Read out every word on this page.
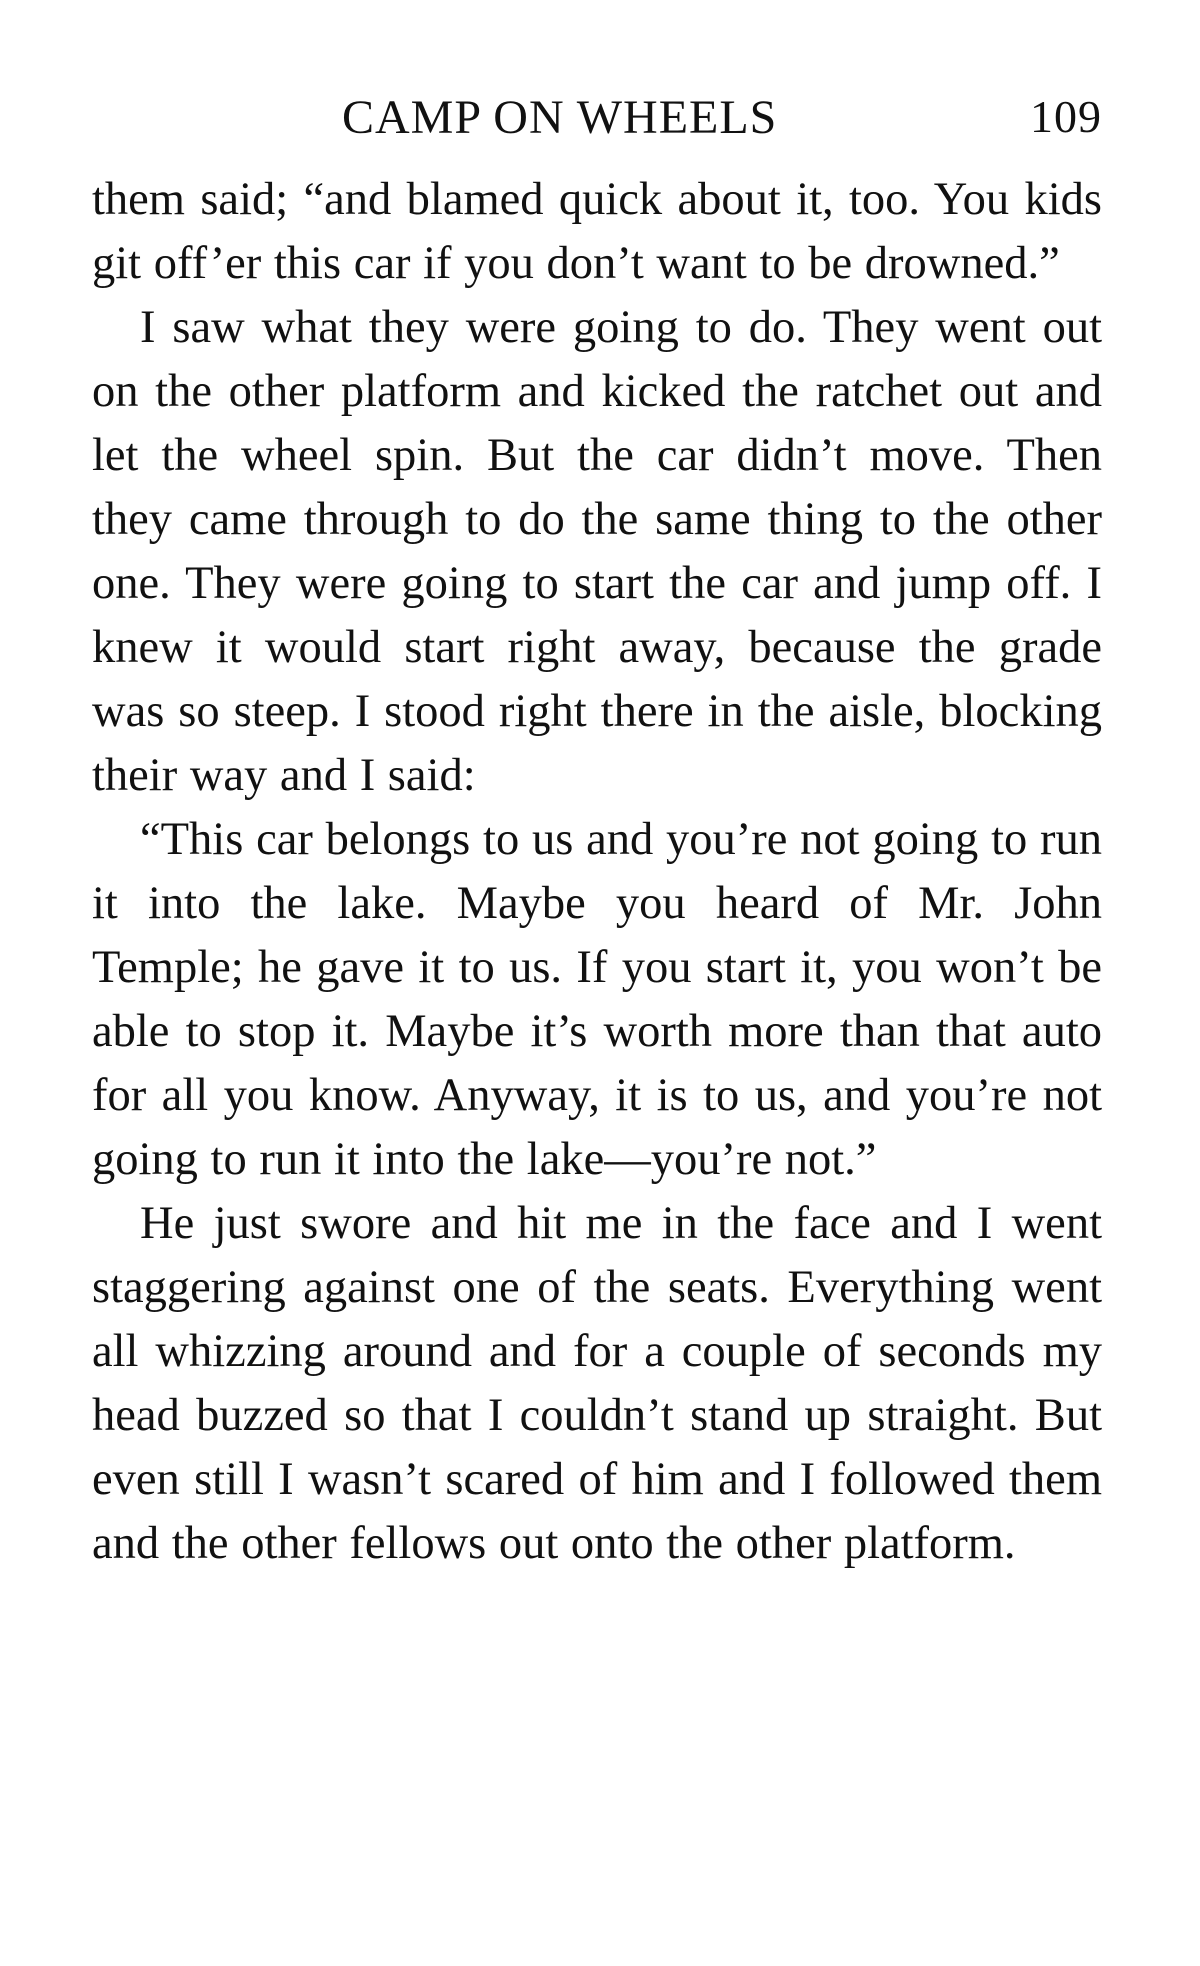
CAMP ON WHEELS	109

them said; “and blamed quick about it, too. You kids git off’er this car if you don’t want to be drowned.”

I saw what they were going to do. They went out on the other platform and kicked the ratchet out and let the wheel spin. But the car didn’t move. Then they came through to do the same thing to the other one. They were going to start the car and jump off. I knew it would start right away, because the grade was so steep. I stood right there in the aisle, blocking their way and I said:

“This car belongs to us and you’re not going to run it into the lake. Maybe you heard of Mr. John Temple; he gave it to us. If you start it, you won’t be able to stop it. Maybe it’s worth more than that auto for all you know. Anyway, it is to us, and you’re not going to run it into the lake—you’re not.”

He just swore and hit me in the face and I went staggering against one of the seats. Everything went all whizzing around and for a couple of seconds my head buzzed so that I couldn’t stand up straight. But even still I wasn’t scared of him and I followed them and the other fellows out onto the other platform.
